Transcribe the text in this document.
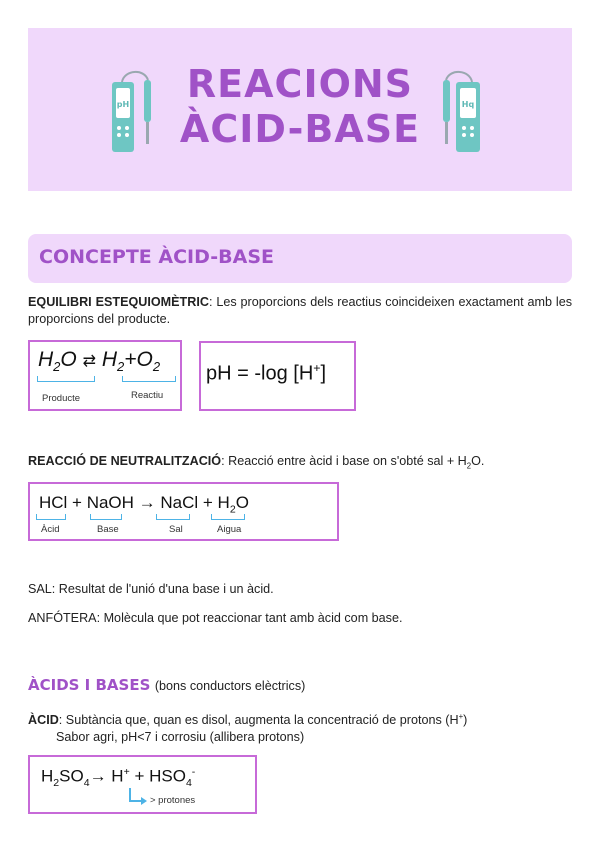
pH	REACIONS
ÀCID-BASE
Hq
CONCEPTE ÀCID-BASE
EQUILIBRI ESTEQUIOMÈTRIC: Les proporcions dels reactius coincideixen exactament amb les proporcions del producte.
$H_2O$ ⇄ $H_2+O_2$
Producte	Reactiu
pH = -log [H+]
REACCIÓ DE NEUTRALITZACIÓ: Reacció entre àcid i base on s'obté sal + $H_2O$.
HCl + NaOH → NaCl + $H_2O$
Àcid	Base	Sal	Aigua
SAL: Resultat de l'unió d'una base i un àcid.
ANFÓTERA: Molècula que pot reaccionar tant amb àcid com base.
ÀCIDS I BASES (bons conductors elèctrics)
ÀCID: Subtància que, quan es disol, augmenta la concentració de protons (H+)
Sabor agri, pH<7 i corrosiu (allibera protons)
$H_2SO_4\to H^+ + HSO_4^-$
> protones
